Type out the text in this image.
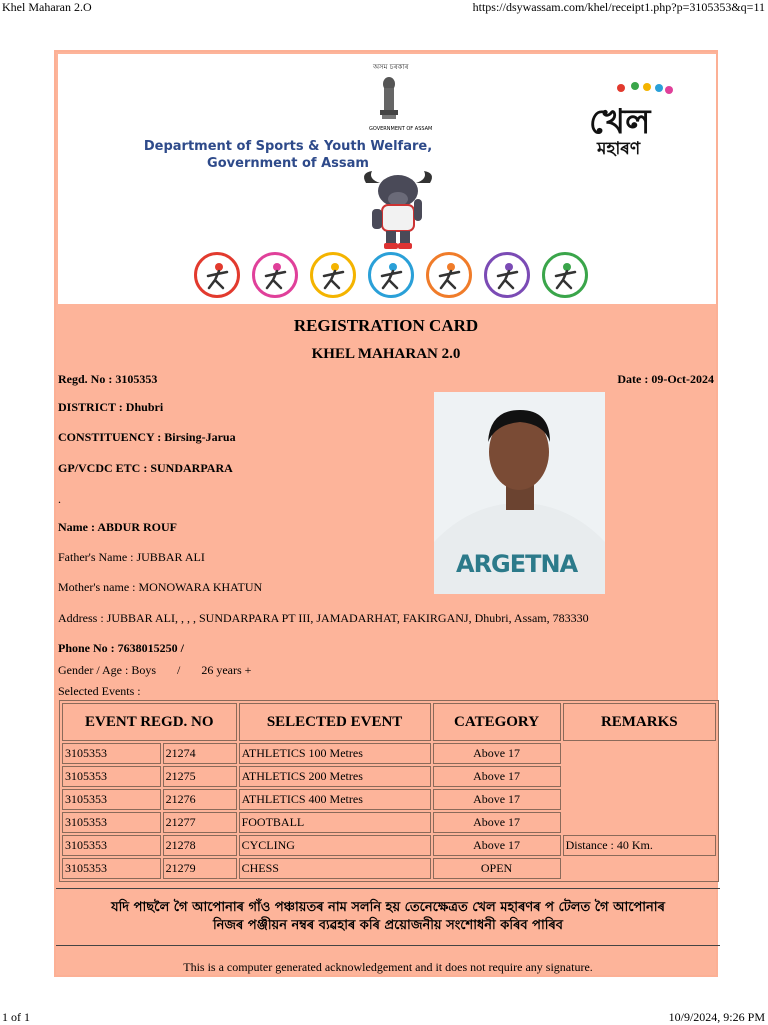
Khel Maharan 2.O	https://dsywassam.com/khel/receipt1.php?p=3105353&q=11
অসম চৰকাৰ
GOVERNMENT OF ASSAM
Department of Sports & Youth Welfare,
Government of Assam
খেল
মহাৰণ
REGISTRATION CARD
KHEL MAHARAN 2.0
Regd. No : 3105353	Date : 09-Oct-2024
DISTRICT : Dhubri
CONSTITUENCY : Birsing-Jarua
GP/VCDC ETC : SUNDARPARA
.
Name : ABDUR ROUF
Father's Name : JUBBAR ALI
Mother's name : MONOWARA KHATUN
ARGETNA
Address : JUBBAR ALI, , , , SUNDARPARA PT III, JAMADARHAT, FAKIRGANJ, Dhubri, Assam, 783330
Phone No : 7638015250 /
Gender / Age : Boys / 26 years +
Selected Events :
EVENT REGD. NO		SELECTED EVENT	CATEGORY	REMARKS
3105353	21274	ATHLETICS 100 Metres	Above 17	
3105353	21275	ATHLETICS 200 Metres	Above 17	
3105353	21276	ATHLETICS 400 Metres	Above 17	
3105353	21277	FOOTBALL	Above 17	
3105353	21278	CYCLING	Above 17	Distance : 40 Km.
3105353	21279	CHESS	OPEN	
যদি পাছলৈ গৈ আপোনাৰ গাঁও পঞ্চায়তৰ নাম সলনি হয় তেনেক্ষেত্ৰত খেল মহাৰণৰ প টেলত গৈ আপোনাৰ
নিজৰ পঞ্জীয়ন নম্বৰ ব্যৱহাৰ কৰি প্ৰয়োজনীয় সংশোধনী কৰিব পাৰিব
This is a computer generated acknowledgement and it does not require any signature.
1 of 1	10/9/2024, 9:26 PM
